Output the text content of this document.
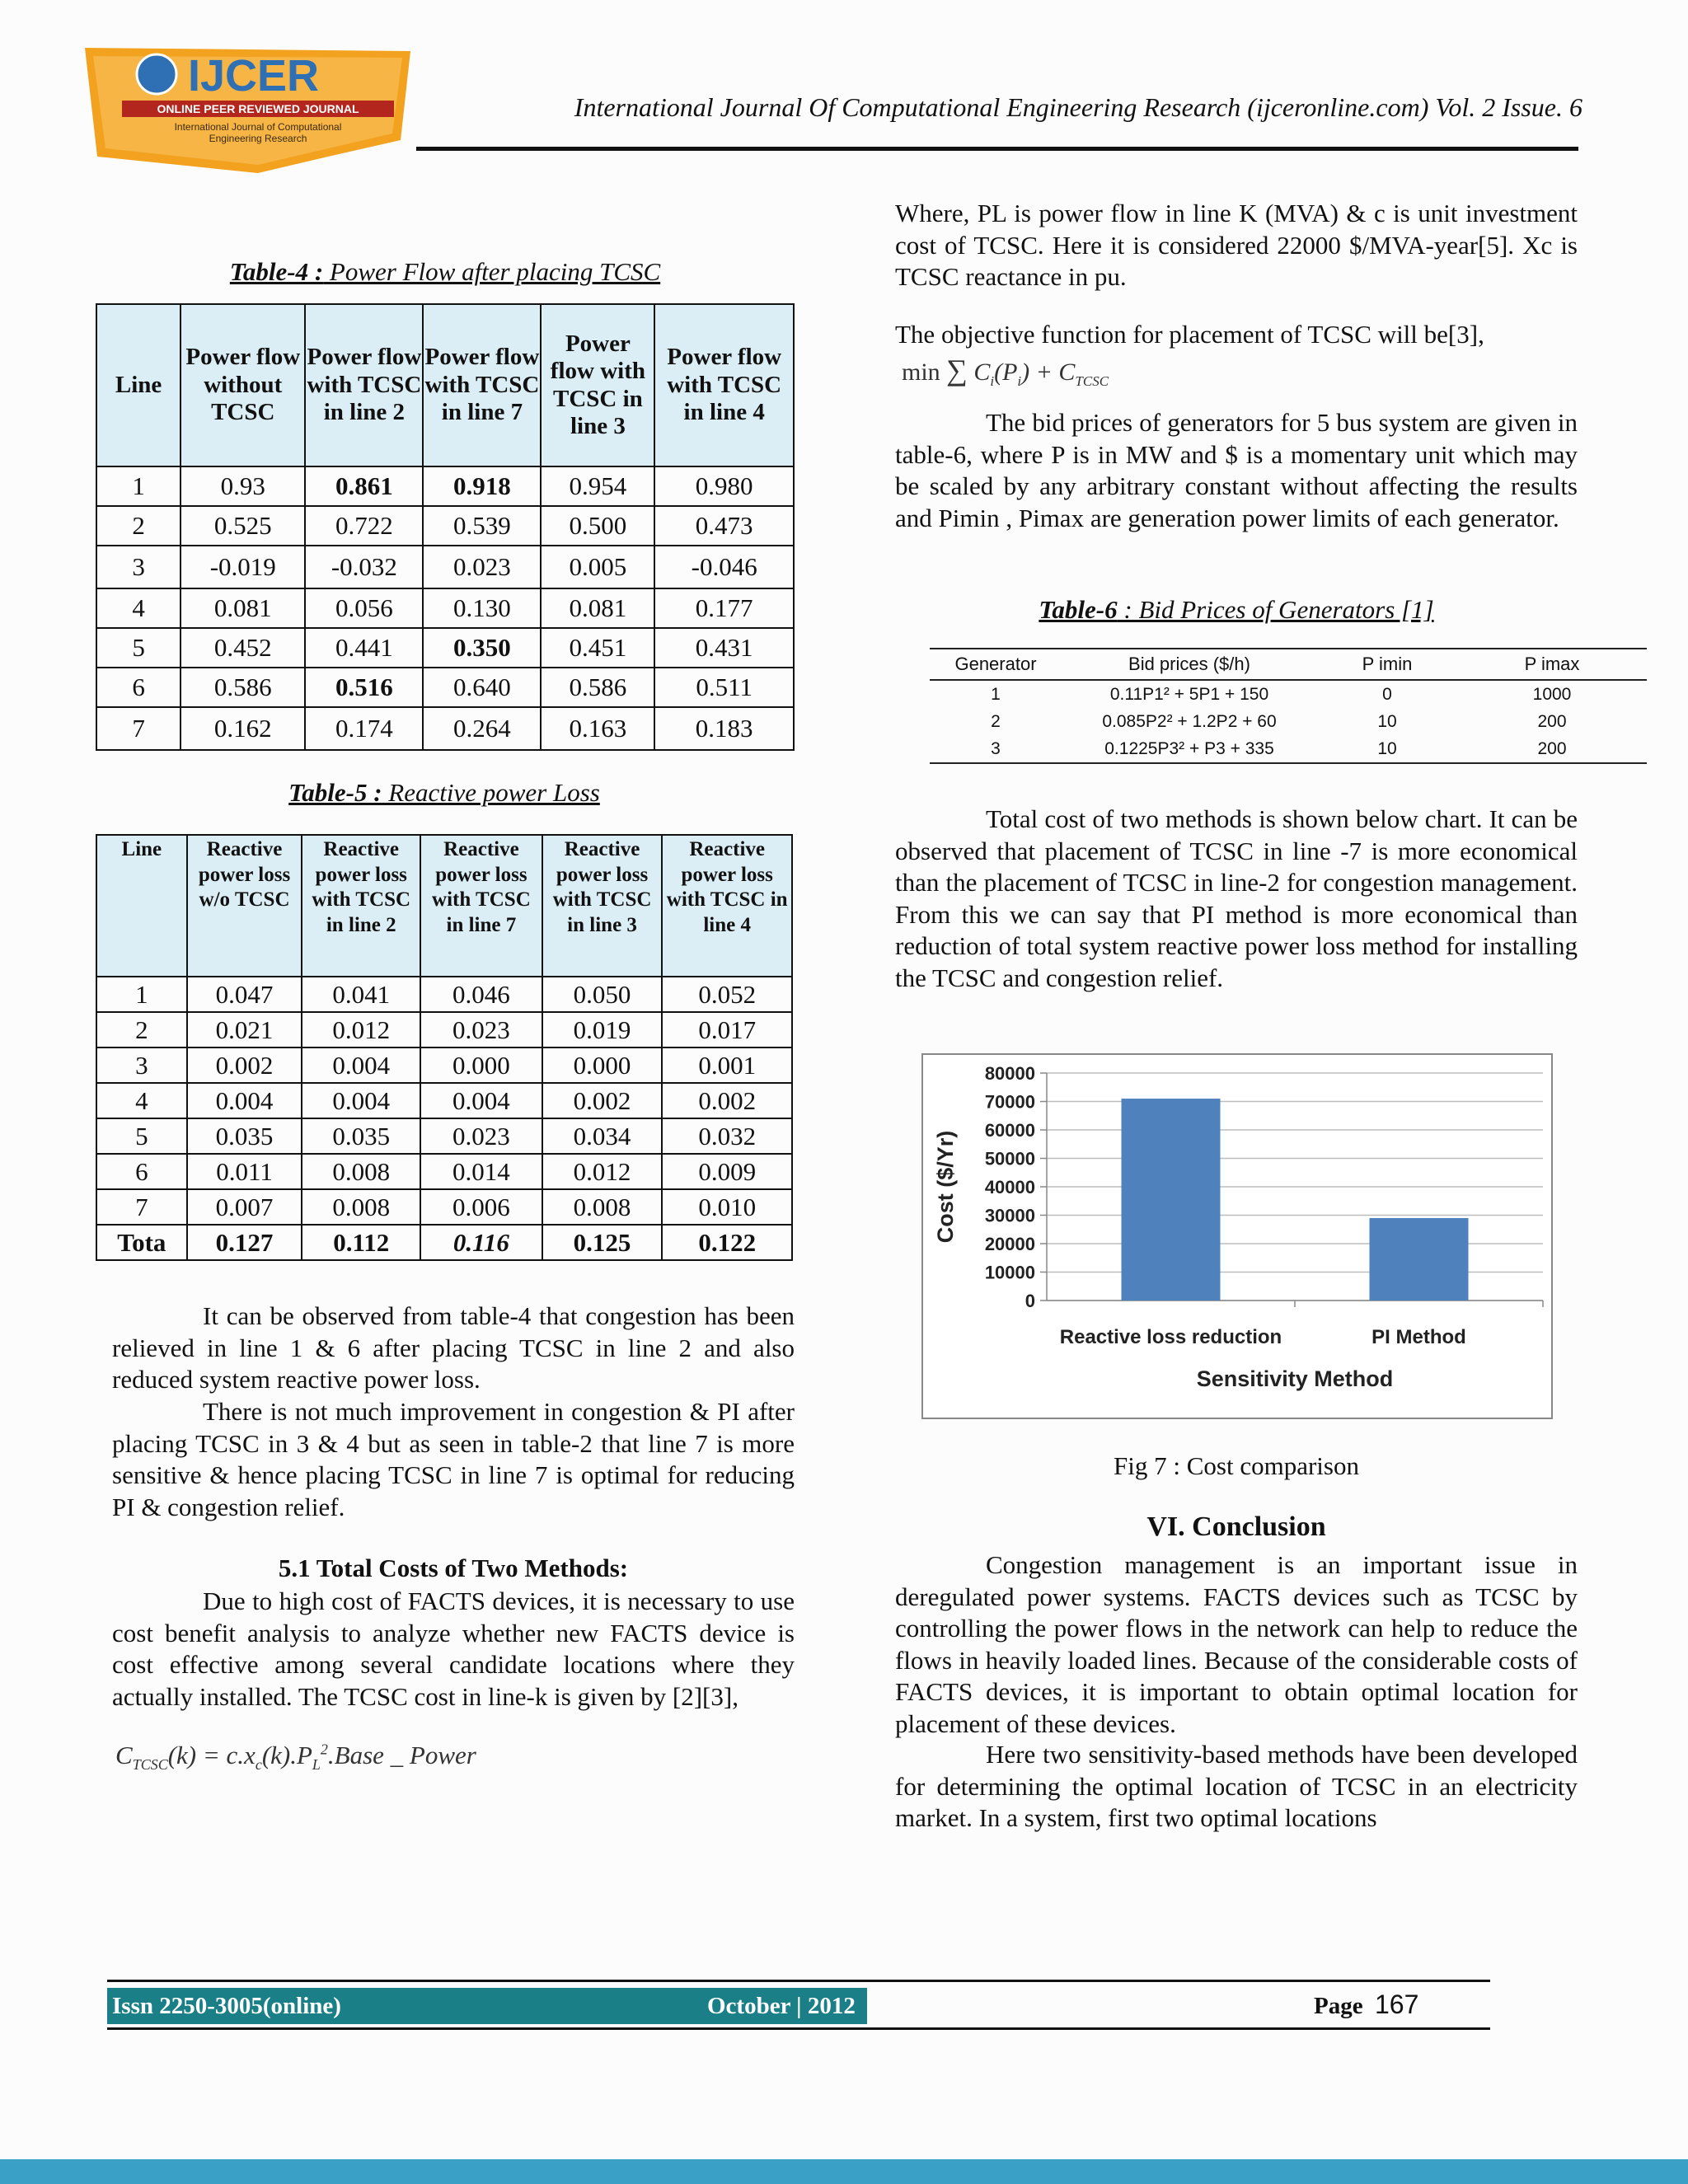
IJCER
ONLINE PEER REVIEWED JOURNAL
International Journal of Computational
Engineering Research
International Journal Of Computational Engineering Research (ijceronline.com) Vol. 2 Issue. 6
Table-4 : Power Flow after placing TCSC
Line	Power flow without TCSC	Power flow with TCSC in line 2	Power flow with TCSC in line 7	Power flow with TCSC in line 3	Power flow with TCSC in line 4
1	0.93	0.861	0.918	0.954	0.980
2	0.525	0.722	0.539	0.500	0.473
3	-0.019	-0.032	0.023	0.005	-0.046
4	0.081	0.056	0.130	0.081	0.177
5	0.452	0.441	0.350	0.451	0.431
6	0.586	0.516	0.640	0.586	0.511
7	0.162	0.174	0.264	0.163	0.183
Table-5 : Reactive power Loss
Line	Reactive power loss w/o TCSC	Reactive power loss with TCSC in line 2	Reactive power loss with TCSC in line 7	Reactive power loss with TCSC in line 3	Reactive power loss with TCSC in line 4
1	0.047	0.041	0.046	0.050	0.052
2	0.021	0.012	0.023	0.019	0.017
3	0.002	0.004	0.000	0.000	0.001
4	0.004	0.004	0.004	0.002	0.002
5	0.035	0.035	0.023	0.034	0.032
6	0.011	0.008	0.014	0.012	0.009
7	0.007	0.008	0.006	0.008	0.010
Tota	0.127	0.112	0.116	0.125	0.122
It can be observed from table-4 that congestion has been relieved in line 1 & 6 after placing TCSC in line 2 and also reduced system reactive power loss.
There is not much improvement in congestion & PI after placing TCSC in 3 & 4 but as seen in table-2 that line 7 is more sensitive & hence placing TCSC in line 7 is optimal for reducing PI & congestion relief.
5.1 Total Costs of Two Methods:
Due to high cost of FACTS devices, it is necessary to use cost benefit analysis to analyze whether new FACTS device is cost effective among several candidate locations where they actually installed. The TCSC cost in line-k is given by [2][3],
$C_{TCSC}(k)$ = $c.x_c(k).P_L^2.Base$ _ Power
Where, PL is power flow in line K (MVA) & c is unit investment cost of TCSC. Here it is considered 22000 $/MVA-year[5]. Xc is TCSC reactance in pu.
The objective function for placement of TCSC will be[3],
min ∑ $C_i(P_i) + C_{TCSC}$
The bid prices of generators for 5 bus system are given in table-6, where P is in MW and $ is a momentary unit which may be scaled by any arbitrary constant without affecting the results and Pimin , Pimax are generation power limits of each generator.
Table-6 : Bid Prices of Generators [1]
Generator	Bid prices ($/h)	P imin	P imax
1	0.11P1² + 5P1 + 150	0	1000
2	0.085P2² + 1.2P2 + 60	10	200
3	0.1225P3² + P3 + 335	10	200
Total cost of two methods is shown below chart. It can be observed that placement of TCSC in line -7 is more economical than the placement of TCSC in line-2 for congestion management. From this we can say that PI method is more economical than reduction of total system reactive power loss method for installing the TCSC and congestion relief.
0
10000
20000
30000
40000
50000
60000
70000
80000
Reactive loss reduction	PI Method
Sensitivity Method
Cost ($/Yr)
Fig 7 : Cost comparison
VI. Conclusion
Congestion management is an important issue in deregulated power systems. FACTS devices such as TCSC by controlling the power flows in the network can help to reduce the flows in heavily loaded lines. Because of the considerable costs of FACTS devices, it is important to obtain optimal location for placement of these devices.
Here two sensitivity-based methods have been developed for determining the optimal location of TCSC in an electricity market. In a system, first two optimal locations
Issn 2250-3005(online)	October | 2012	Page 167
